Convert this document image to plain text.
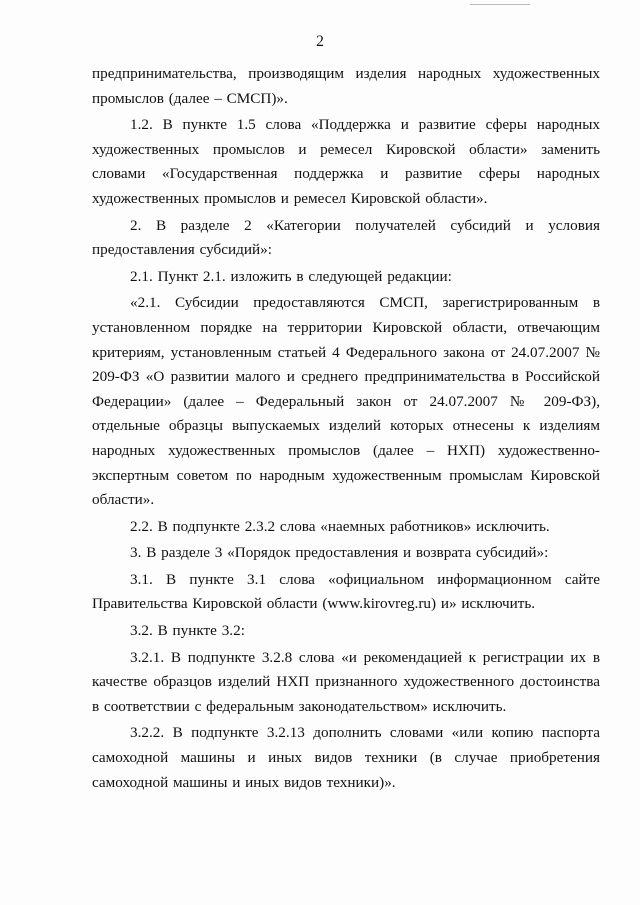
2

предпринимательства, производящим изделия народных художественных промыслов (далее – СМСП)».

1.2. В пункте 1.5 слова «Поддержка и развитие сферы народных художественных промыслов и ремесел Кировской области» заменить словами «Государственная поддержка и развитие сферы народных художественных промыслов и ремесел Кировской области».

2. В разделе 2 «Категории получателей субсидий и условия предоставления субсидий»:

2.1. Пункт 2.1. изложить в следующей редакции:

«2.1. Субсидии предоставляются СМСП, зарегистрированным в установленном порядке на территории Кировской области, отвечающим критериям, установленным статьей 4 Федерального закона от 24.07.2007 № 209-ФЗ «О развитии малого и среднего предпринимательства в Российской Федерации» (далее – Федеральный закон от 24.07.2007 № 209-ФЗ), отдельные образцы выпускаемых изделий которых отнесены к изделиям народных художественных промыслов (далее – НХП) художественно-экспертным советом по народным художественным промыслам Кировской области».

2.2. В подпункте 2.3.2 слова «наемных работников» исключить.

3. В разделе 3 «Порядок предоставления и возврата субсидий»:

3.1. В пункте 3.1 слова «официальном информационном сайте Правительства Кировской области (www.kirovreg.ru) и» исключить.

3.2. В пункте 3.2:

3.2.1. В подпункте 3.2.8 слова «и рекомендацией к регистрации их в качестве образцов изделий НХП признанного художественного достоинства в соответствии с федеральным законодательством» исключить.

3.2.2. В подпункте 3.2.13 дополнить словами «или копию паспорта самоходной машины и иных видов техники (в случае приобретения самоходной машины и иных видов техники)».
